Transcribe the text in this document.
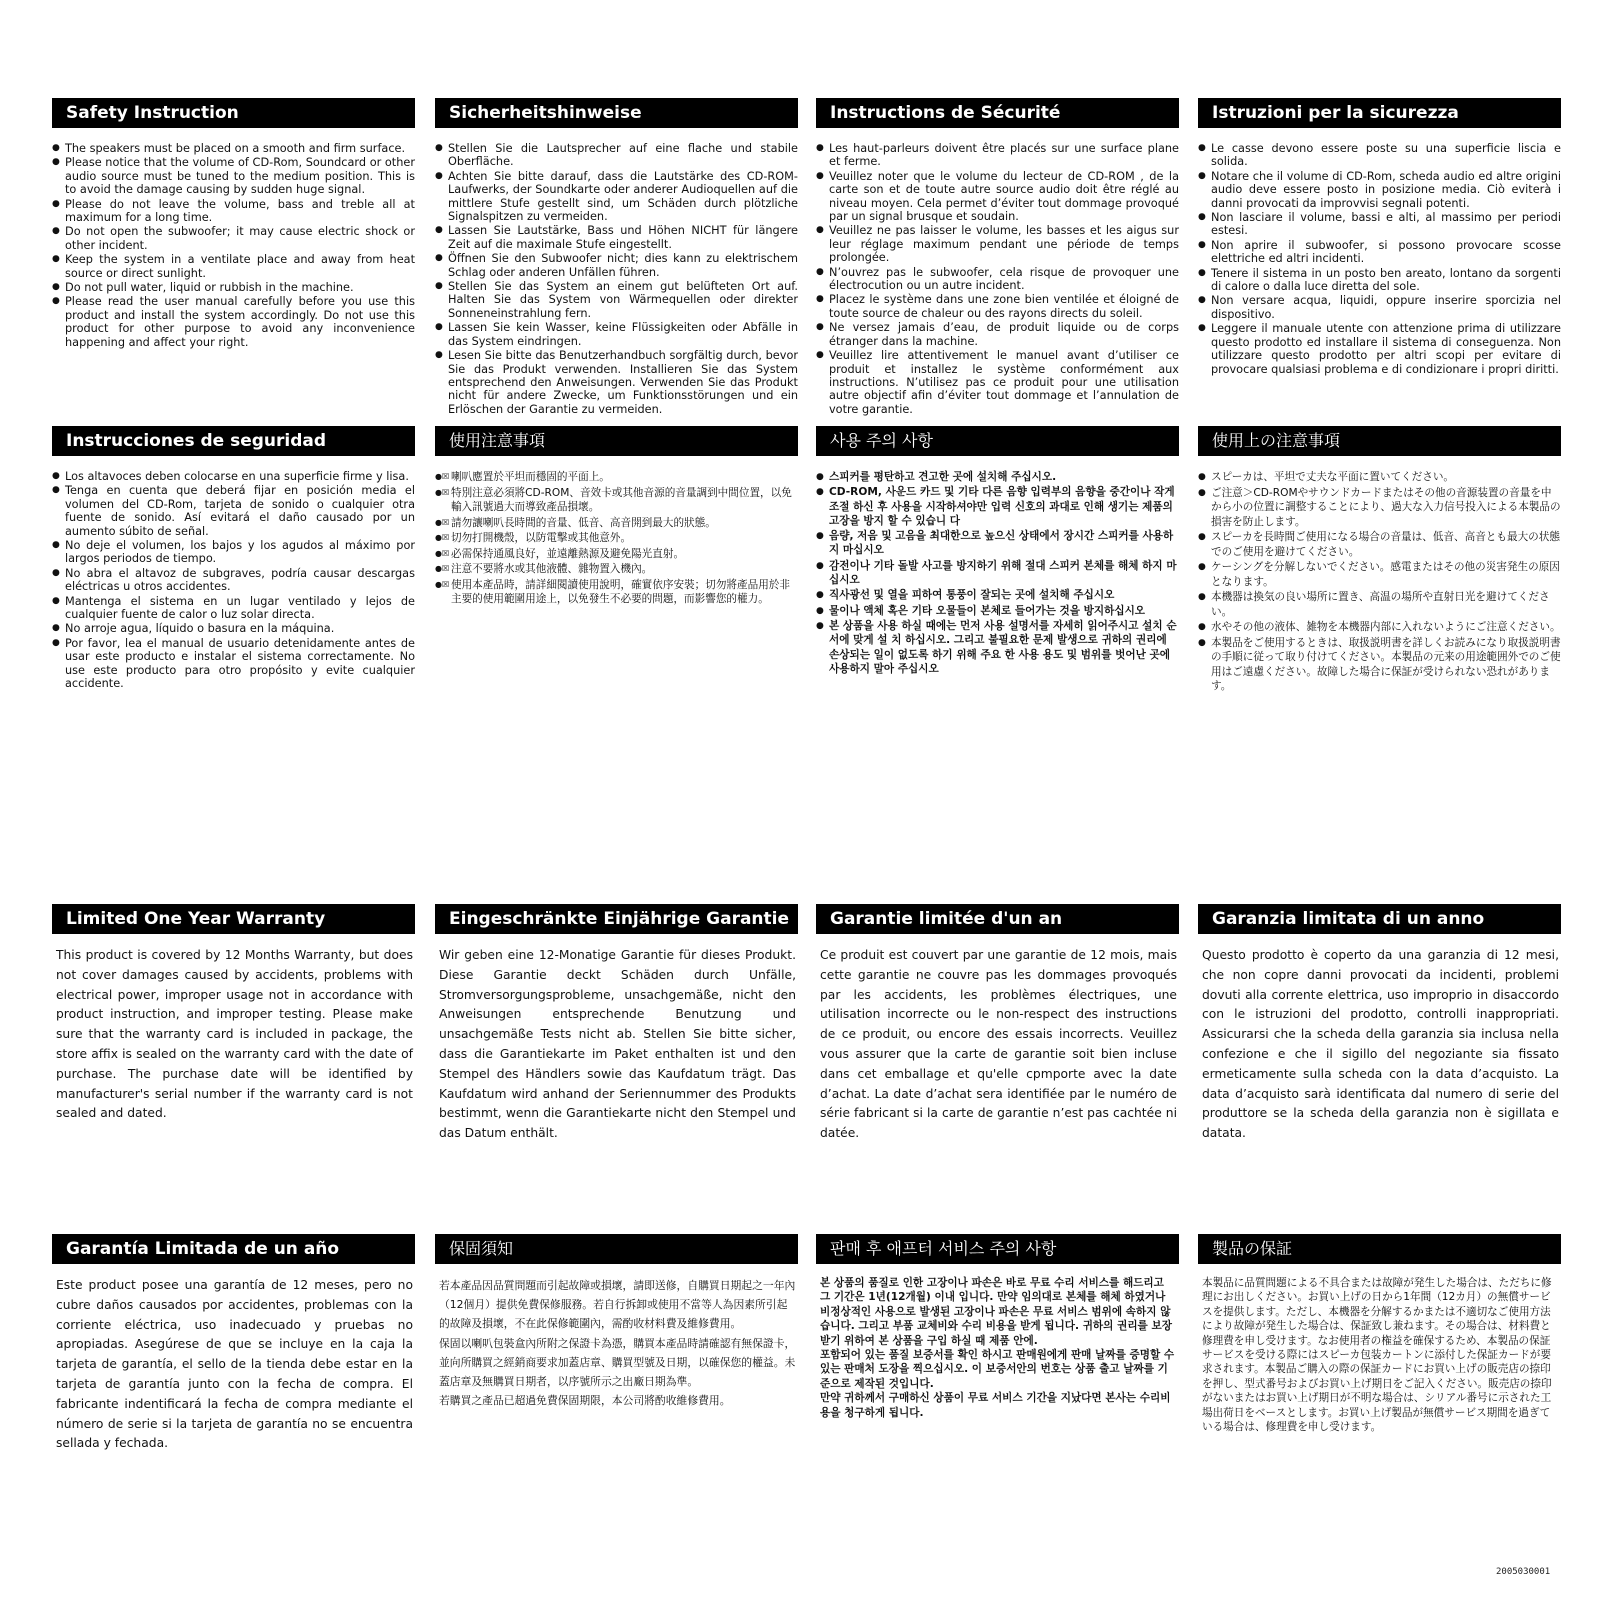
Safety Instruction
● The speakers must be placed on a smooth and firm surface.
● Please notice that the volume of CD-Rom, Soundcard or other audio source must be tuned to the medium position. This is to avoid the damage causing by sudden huge signal.
● Please do not leave the volume, bass and treble all at maximum for a long time.
● Do not open the subwoofer; it may cause electric shock or other incident.
● Keep the system in a ventilate place and away from heat source or direct sunlight.
● Do not pull water, liquid or rubbish in the machine.
● Please read the user manual carefully before you use this product and install the system accordingly. Do not use this product for other purpose to avoid any inconvenience happening and affect your right.
Sicherheitshinweise
● Stellen Sie die Lautsprecher auf eine flache und stabile Oberfläche.
● Achten Sie bitte darauf, dass die Lautstärke des CD-ROM-Laufwerks, der Soundkarte oder anderer Audioquellen auf die mittlere Stufe gestellt sind, um Schäden durch plötzliche Signalspitzen zu vermeiden.
● Lassen Sie Lautstärke, Bass und Höhen NICHT für längere Zeit auf die maximale Stufe eingestellt.
● Öffnen Sie den Subwoofer nicht; dies kann zu elektrischem Schlag oder anderen Unfällen führen.
● Stellen Sie das System an einem gut belüfteten Ort auf. Halten Sie das System von Wärmequellen oder direkter Sonneneinstrahlung fern.
● Lassen Sie kein Wasser, keine Flüssigkeiten oder Abfälle in das System eindringen.
● Lesen Sie bitte das Benutzerhandbuch sorgfältig durch, bevor Sie das Produkt verwenden. Installieren Sie das System entsprechend den Anweisungen. Verwenden Sie das Produkt nicht für andere Zwecke, um Funktionsstörungen und ein Erlöschen der Garantie zu vermeiden.
Instructions de Sécurité
● Les haut-parleurs doivent être placés sur une surface plane et ferme.
● Veuillez noter que le volume du lecteur de CD-ROM , de la carte son et de toute autre source audio doit être réglé au niveau moyen. Cela permet d’éviter tout dommage provoqué par un signal brusque et soudain.
● Veuillez ne pas laisser le volume, les basses et les aigus sur leur réglage maximum pendant une période de temps prolongée.
● N’ouvrez pas le subwoofer, cela risque de provoquer une électrocution ou un autre incident.
● Placez le système dans une zone bien ventilée et éloigné de toute source de chaleur ou des rayons directs du soleil.
● Ne versez jamais d’eau, de produit liquide ou de corps étranger dans la machine.
● Veuillez lire attentivement le manuel avant d’utiliser ce produit et installez le système conformément aux instructions. N’utilisez pas ce produit pour une utilisation autre objectif afin d’éviter tout dommage et l’annulation de votre garantie.
Istruzioni per la sicurezza
● Le casse devono essere poste su una superficie liscia e solida.
● Notare che il volume di CD-Rom, scheda audio ed altre origini audio deve essere posto in posizione media. Ciò eviterà i danni provocati da improvvisi segnali potenti.
● Non lasciare il volume, bassi e alti, al massimo per periodi estesi.
● Non aprire il subwoofer, si possono provocare scosse elettriche ed altri incidenti.
● Tenere il sistema in un posto ben areato, lontano da sorgenti di calore o dalla luce diretta del sole.
● Non versare acqua, liquidi, oppure inserire sporcizia nel dispositivo.
● Leggere il manuale utente con attenzione prima di utilizzare questo prodotto ed installare il sistema di conseguenza. Non utilizzare questo prodotto per altri scopi per evitare di provocare qualsiasi problema e di condizionare i propri diritti.
Instrucciones de seguridad
● Los altavoces deben colocarse en una superficie firme y lisa.
● Tenga en cuenta que deberá fijar en posición media el volumen del CD-Rom, tarjeta de sonido o cualquier otra fuente de sonido. Así evitará el daño causado por un aumento súbito de señal.
● No deje el volumen, los bajos y los agudos al máximo por largos periodos de tiempo.
● No abra el altavoz de subgraves, podría causar descargas eléctricas u otros accidentes.
● Mantenga el sistema en un lugar ventilado y lejos de cualquier fuente de calor o luz solar directa.
● No arroje agua, líquido o basura en la máquina.
● Por favor, lea el manual de usuario detenidamente antes de usar este producto e instalar el sistema correctamente. No use este producto para otro propósito y evite cualquier accidente.
使用注意事項
●☒ 喇叭應置於平坦而穩固的平面上。
●☒ 特別注意必須將CD-ROM、音效卡或其他音源的音量調到中間位置，以免輸入訊號過大而導致產品損壞。
●☒ 請勿讓喇叭長時間的音量、低音、高音開到最大的狀態。
●☒ 切勿打開機殼，以防電擊或其他意外。
●☒ 必需保持通風良好，並遠離熱源及避免陽光直射。
●☒ 注意不要將水或其他液體、雜物置入機內。
●☒ 使用本產品時，請詳細閱讀使用說明，確實依序安裝；切勿將產品用於非主要的使用範圍用途上，以免發生不必要的問題，而影響您的權力。
사용 주의 사항
● 스피커를 평탄하고 견고한 곳에 설치해 주십시오.
● CD-ROM, 사운드 카드 및 기타 다른 음향 입력부의 음향을 중간이나 작게 조절 하신 후 사용을 시작하셔야만 입력 신호의 과대로 인해 생기는 제품의 고장을 방지 할 수 있습니 다
● 음량, 저음 및 고음을 최대한으로 높으신 상태에서 장시간 스피커를 사용하지 마십시오
● 감전이나 기타 돌발 사고를 방지하기 위해 절대 스피커 본체를 해체 하지 마십시오
● 직사광선 및 열을 피하여 통풍이 잘되는 곳에 설치해 주십시오
● 물이나 액체 혹은 기타 오물들이 본체로 들어가는 것을 방지하십시오
● 본 상품을 사용 하실 때에는 먼저 사용 설명서를 자세히 읽어주시고 설치 순서에 맞게 설 치 하십시오. 그리고 불필요한 문제 발생으로 귀하의 권리에 손상되는 일이 없도록 하기 위해 주요 한 사용 용도 및 범위를 벗어난 곳에 사용하지 말아 주십시오
使用上の注意事項
● スピーカは、平坦で丈夫な平面に置いてください。
● ご注意＞CD-ROMやサウンドカードまたはその他の音源装置の音量を中から小の位置に調整することにより、過大な入力信号投入による本製品の損害を防止します。
● スピーカを長時間ご使用になる場合の音量は、低音、高音とも最大の状態でのご使用を避けてください。
● ケーシングを分解しないでください。感電またはその他の災害発生の原因となります。
● 本機器は換気の良い場所に置き、高温の場所や直射日光を避けてください。
● 水やその他の液体、雑物を本機器内部に入れないようにご注意ください。
● 本製品をご使用するときは、取扱説明書を詳しくお読みになり取扱説明書の手順に従って取り付けてください。本製品の元来の用途範囲外でのご使用はご遠慮ください。故障した場合に保証が受けられない恐れがあります。
Limited One Year Warranty

This product is covered by 12 Months Warranty, but does not cover damages caused by accidents, problems with electrical power, improper usage not in accordance with product instruction, and improper testing. Please make sure that the warranty card is included in package, the store affix is sealed on the warranty card with the date of purchase. The purchase date will be identified by manufacturer's serial number if the warranty card is not sealed and dated.

Eingeschränkte Einjährige Garantie

Wir geben eine 12-Monatige Garantie für dieses Produkt. Diese Garantie deckt Schäden durch Unfälle, Stromversorgungsprobleme, unsachgemäße, nicht den Anweisungen entsprechende Benutzung und unsachgemäße Tests nicht ab. Stellen Sie bitte sicher, dass die Garantiekarte im Paket enthalten ist und den Stempel des Händlers sowie das Kaufdatum trägt. Das Kaufdatum wird anhand der Seriennummer des Produkts bestimmt, wenn die Garantiekarte nicht den Stempel und das Datum enthält.

Garantie limitée d'un an

Ce produit est couvert par une garantie de 12 mois, mais cette garantie ne couvre pas les dommages provoqués par les accidents, les problèmes électriques, une utilisation incorrecte ou le non-respect des instructions de ce produit, ou encore des essais incorrects. Veuillez vous assurer que la carte de garantie soit bien incluse dans cet emballage et qu'elle cpmporte avec la date d’achat. La date d’achat sera identifiée par le numéro de série fabricant si la carte de garantie n’est pas cachtée ni datée.

Garanzia limitata di un anno

Questo prodotto è coperto da una garanzia di 12 mesi, che non copre danni provocati da incidenti, problemi dovuti alla corrente elettrica, uso improprio in disaccordo con le istruzioni del prodotto, controlli inappropriati. Assicurarsi che la scheda della garanzia sia inclusa nella confezione e che il sigillo del negoziante sia fissato ermeticamente sulla scheda con la data d’acquisto. La data d’acquisto sarà identificata dal numero di serie del produttore se la scheda della garanzia non è sigillata e datata.

Garantía Limitada de un año

Este product posee una garantía de 12 meses, pero no cubre daños causados por accidentes, problemas con la corriente eléctrica, uso inadecuado y pruebas no apropiadas. Asegúrese de que se incluye en la caja la tarjeta de garantía, el sello de la tienda debe estar en la tarjeta de garantía junto con la fecha de compra. El fabricante indentificará la fecha de compra mediante el número de serie si la tarjeta de garantía no se encuentra sellada y fechada.

保固須知

若本產品因品質問題而引起故障或損壞，請即送修，自購買日期起之一年內（12個月）提供免費保修服務。若自行拆卸或使用不當等人為因素所引起的故障及損壞，不在此保修範圍內，需酌收材料費及維修費用。

保固以喇叭包裝盒內所附之保證卡為憑，購買本產品時請確認有無保證卡，並向所購買之經銷商要求加蓋店章、購買型號及日期，以確保您的權益。未蓋店章及無購買日期者，以序號所示之出廠日期為準。

若購買之產品已超過免費保固期限，本公司將酌收維修費用。

판매 후 애프터 서비스 주의 사항

본 상품의 품질로 인한 고장이나 파손은 바로 무료 수리 서비스를 해드리고 그 기간은 1년(12개월) 이내 입니다. 만약 임의대로 본체를 해체 하였거나 비정상적인 사용으로 발생된 고장이나 파손은 무료 서비스 범위에 속하지 않습니다. 그리고 부품 교체비와 수리 비용을 받게 됩니다. 귀하의 권리를 보장 받기 위하여 본 상품을 구입 하실 때 제품 안에.

포함되어 있는 품질 보증서를 확인 하시고 판매원에게 판매 날짜를 증명할 수 있는 판매처 도장을 찍으십시오. 이 보증서안의 번호는 상품 출고 날짜를 기준으로 제작된 것입니다.

만약 귀하께서 구매하신 상품이 무료 서비스 기간을 지났다면 본사는 수리비용을 청구하게 됩니다.

製品の保証

本製品に品質問題による不具合または故障が発生した場合は、ただちに修理にお出しください。お買い上げの日から1年間（12カ月）の無償サービスを提供します。ただし、本機器を分解するかまたは不適切なご使用方法により故障が発生した場合は、保証致し兼ねます。その場合は、材料費と修理費を申し受けます。なお使用者の権益を確保するため、本製品の保証サービスを受ける際にはスピーカ包装カートンに添付した保証カードが要求されます。本製品ご購入の際の保証カードにお買い上げの販売店の捺印を押し、型式番号およびお買い上げ期日をご記入ください。販売店の捺印がないまたはお買い上げ期日が不明な場合は、シリアル番号に示された工場出荷日をベースとします。お買い上げ製品が無償サービス期間を過ぎている場合は、修理費を申し受けます。

2005030001
